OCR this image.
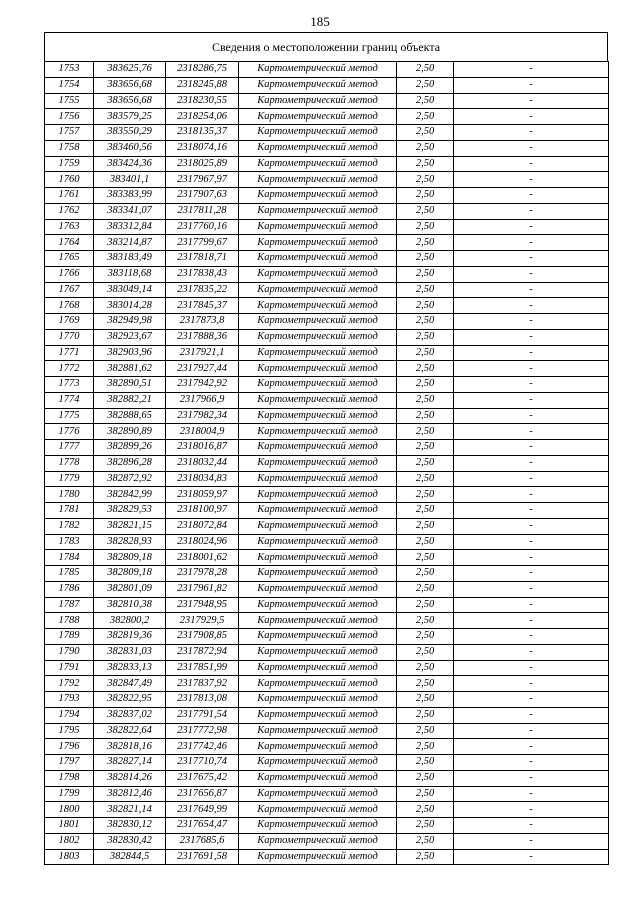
185
Сведения о местоположении границ объекта
1753	383625,76	2318286,75	Картометрический метод	2,50	-
1754	383656,68	2318245,88	Картометрический метод	2,50	-
1755	383656,68	2318230,55	Картометрический метод	2,50	-
1756	383579,25	2318254,06	Картометрический метод	2,50	-
1757	383550,29	2318135,37	Картометрический метод	2,50	-
1758	383460,56	2318074,16	Картометрический метод	2,50	-
1759	383424,36	2318025,89	Картометрический метод	2,50	-
1760	383401,1	2317967,97	Картометрический метод	2,50	-
1761	383383,99	2317907,63	Картометрический метод	2,50	-
1762	383341,07	2317811,28	Картометрический метод	2,50	-
1763	383312,84	2317760,16	Картометрический метод	2,50	-
1764	383214,87	2317799,67	Картометрический метод	2,50	-
1765	383183,49	2317818,71	Картометрический метод	2,50	-
1766	383118,68	2317838,43	Картометрический метод	2,50	-
1767	383049,14	2317835,22	Картометрический метод	2,50	-
1768	383014,28	2317845,37	Картометрический метод	2,50	-
1769	382949,98	2317873,8	Картометрический метод	2,50	-
1770	382923,67	2317888,36	Картометрический метод	2,50	-
1771	382903,96	2317921,1	Картометрический метод	2,50	-
1772	382881,62	2317927,44	Картометрический метод	2,50	-
1773	382890,51	2317942,92	Картометрический метод	2,50	-
1774	382882,21	2317966,9	Картометрический метод	2,50	-
1775	382888,65	2317982,34	Картометрический метод	2,50	-
1776	382890,89	2318004,9	Картометрический метод	2,50	-
1777	382899,26	2318016,87	Картометрический метод	2,50	-
1778	382896,28	2318032,44	Картометрический метод	2,50	-
1779	382872,92	2318034,83	Картометрический метод	2,50	-
1780	382842,99	2318059,97	Картометрический метод	2,50	-
1781	382829,53	2318100,97	Картометрический метод	2,50	-
1782	382821,15	2318072,84	Картометрический метод	2,50	-
1783	382828,93	2318024,96	Картометрический метод	2,50	-
1784	382809,18	2318001,62	Картометрический метод	2,50	-
1785	382809,18	2317978,28	Картометрический метод	2,50	-
1786	382801,09	2317961,82	Картометрический метод	2,50	-
1787	382810,38	2317948,95	Картометрический метод	2,50	-
1788	382800,2	2317929,5	Картометрический метод	2,50	-
1789	382819,36	2317908,85	Картометрический метод	2,50	-
1790	382831,03	2317872,94	Картометрический метод	2,50	-
1791	382833,13	2317851,99	Картометрический метод	2,50	-
1792	382847,49	2317837,92	Картометрический метод	2,50	-
1793	382822,95	2317813,08	Картометрический метод	2,50	-
1794	382837,02	2317791,54	Картометрический метод	2,50	-
1795	382822,64	2317772,98	Картометрический метод	2,50	-
1796	382818,16	2317742,46	Картометрический метод	2,50	-
1797	382827,14	2317710,74	Картометрический метод	2,50	-
1798	382814,26	2317675,42	Картометрический метод	2,50	-
1799	382812,46	2317656,87	Картометрический метод	2,50	-
1800	382821,14	2317649,99	Картометрический метод	2,50	-
1801	382830,12	2317654,47	Картометрический метод	2,50	-
1802	382830,42	2317685,6	Картометрический метод	2,50	-
1803	382844,5	2317691,58	Картометрический метод	2,50	-
